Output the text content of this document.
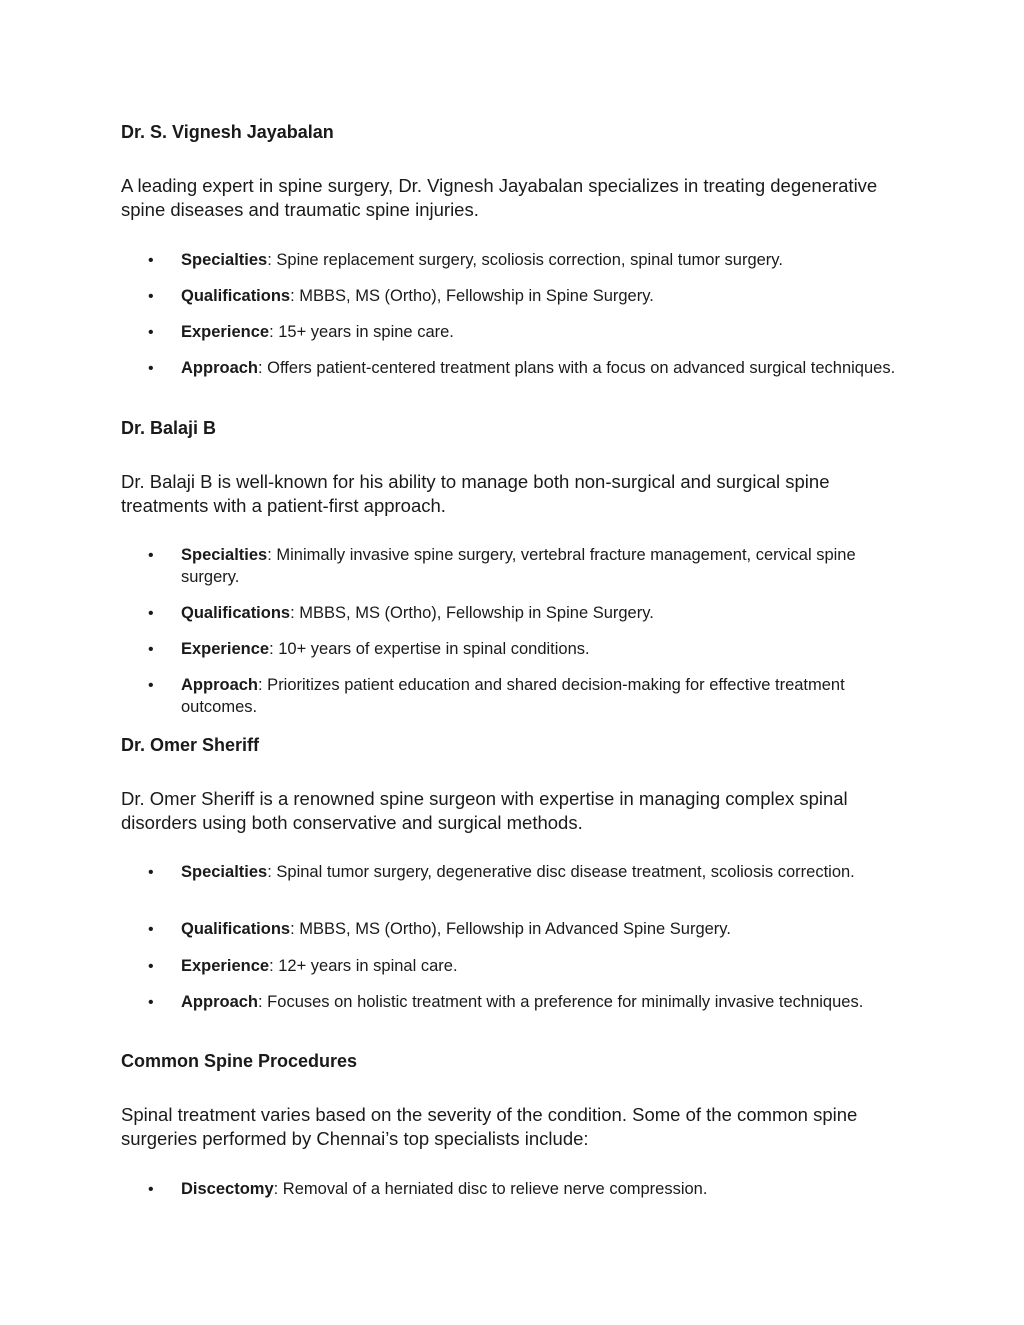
Dr. S. Vignesh Jayabalan

A leading expert in spine surgery, Dr. Vignesh Jayabalan specializes in treating degenerative spine diseases and traumatic spine injuries.

• Specialties: Spine replacement surgery, scoliosis correction, spinal tumor surgery.
• Qualifications: MBBS, MS (Ortho), Fellowship in Spine Surgery.
• Experience: 15+ years in spine care.
• Approach: Offers patient-centered treatment plans with a focus on advanced surgical techniques.
Dr. Balaji B

Dr. Balaji B is well-known for his ability to manage both non-surgical and surgical spine treatments with a patient-first approach.

• Specialties: Minimally invasive spine surgery, vertebral fracture management, cervical spine surgery.
• Qualifications: MBBS, MS (Ortho), Fellowship in Spine Surgery.
• Experience: 10+ years of expertise in spinal conditions.
• Approach: Prioritizes patient education and shared decision-making for effective treatment outcomes.
Dr. Omer Sheriff

Dr. Omer Sheriff is a renowned spine surgeon with expertise in managing complex spinal disorders using both conservative and surgical methods.

• Specialties: Spinal tumor surgery, degenerative disc disease treatment, scoliosis correction.
• Qualifications: MBBS, MS (Ortho), Fellowship in Advanced Spine Surgery.
• Experience: 12+ years in spinal care.
• Approach: Focuses on holistic treatment with a preference for minimally invasive techniques.
Common Spine Procedures

Spinal treatment varies based on the severity of the condition. Some of the common spine surgeries performed by Chennai’s top specialists include:

• Discectomy: Removal of a herniated disc to relieve nerve compression.
